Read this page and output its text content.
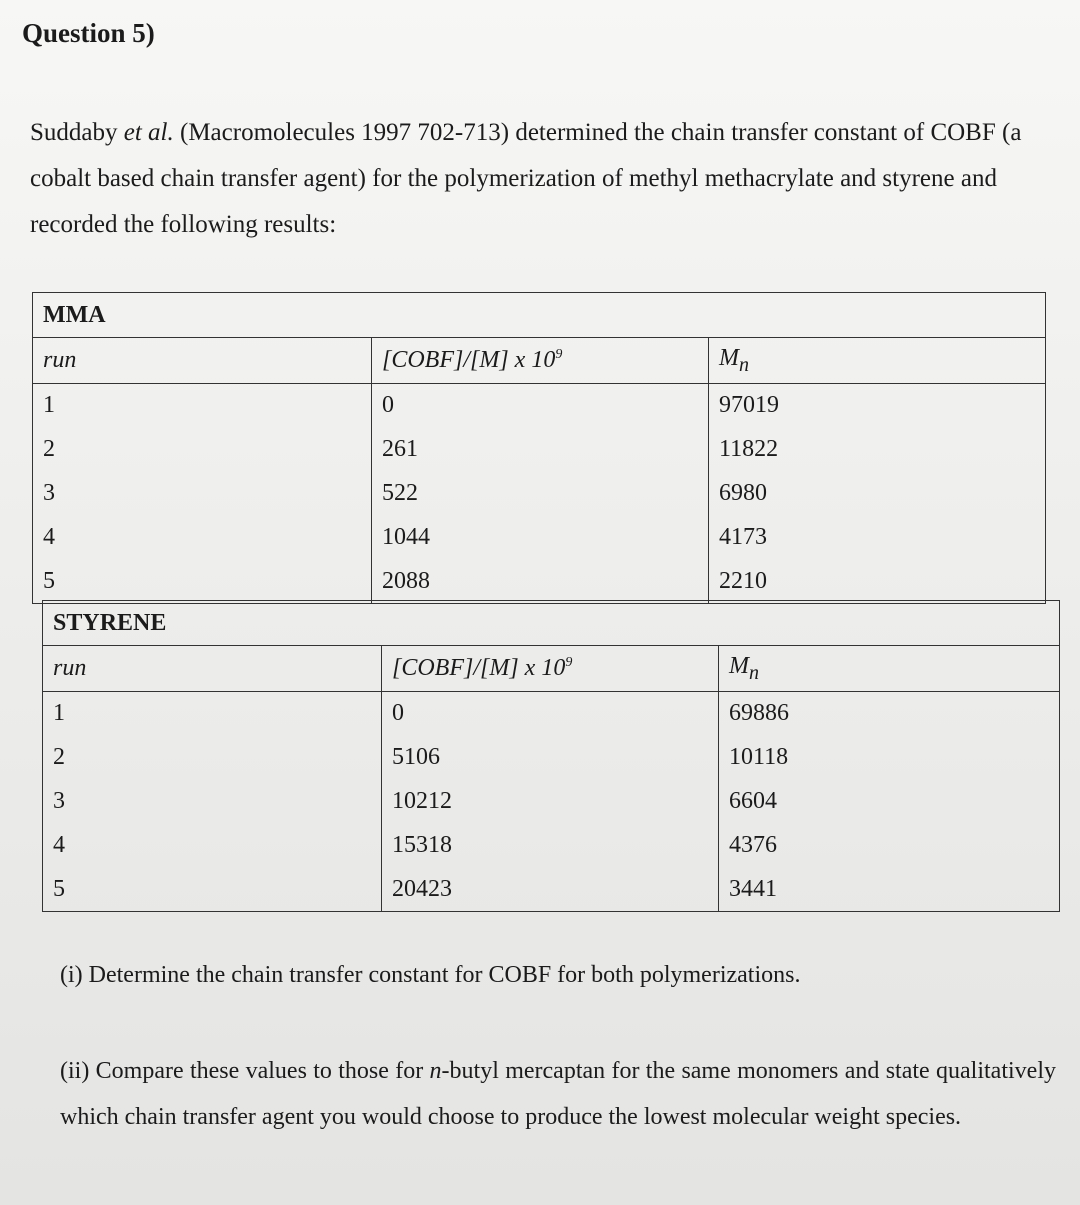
Question 5)
Suddaby et al. (Macromolecules 1997 702-713) determined the chain transfer constant of COBF (a cobalt based chain transfer agent) for the polymerization of methyl methacrylate and styrene and recorded the following results:
MMA		
run	[COBF]/[M] x $10^9$	$M_n$
1	0	97019
2	261	11822
3	522	6980
4	1044	4173
5	2088	2210
STYRENE		
run	[COBF]/[M] x $10^9$	$M_n$
1	0	69886
2	5106	10118
3	10212	6604
4	15318	4376
5	20423	3441
(i) Determine the chain transfer constant for COBF for both polymerizations.
(ii) Compare these values to those for n-butyl mercaptan for the same monomers and state qualitatively which chain transfer agent you would choose to produce the lowest molecular weight species.
